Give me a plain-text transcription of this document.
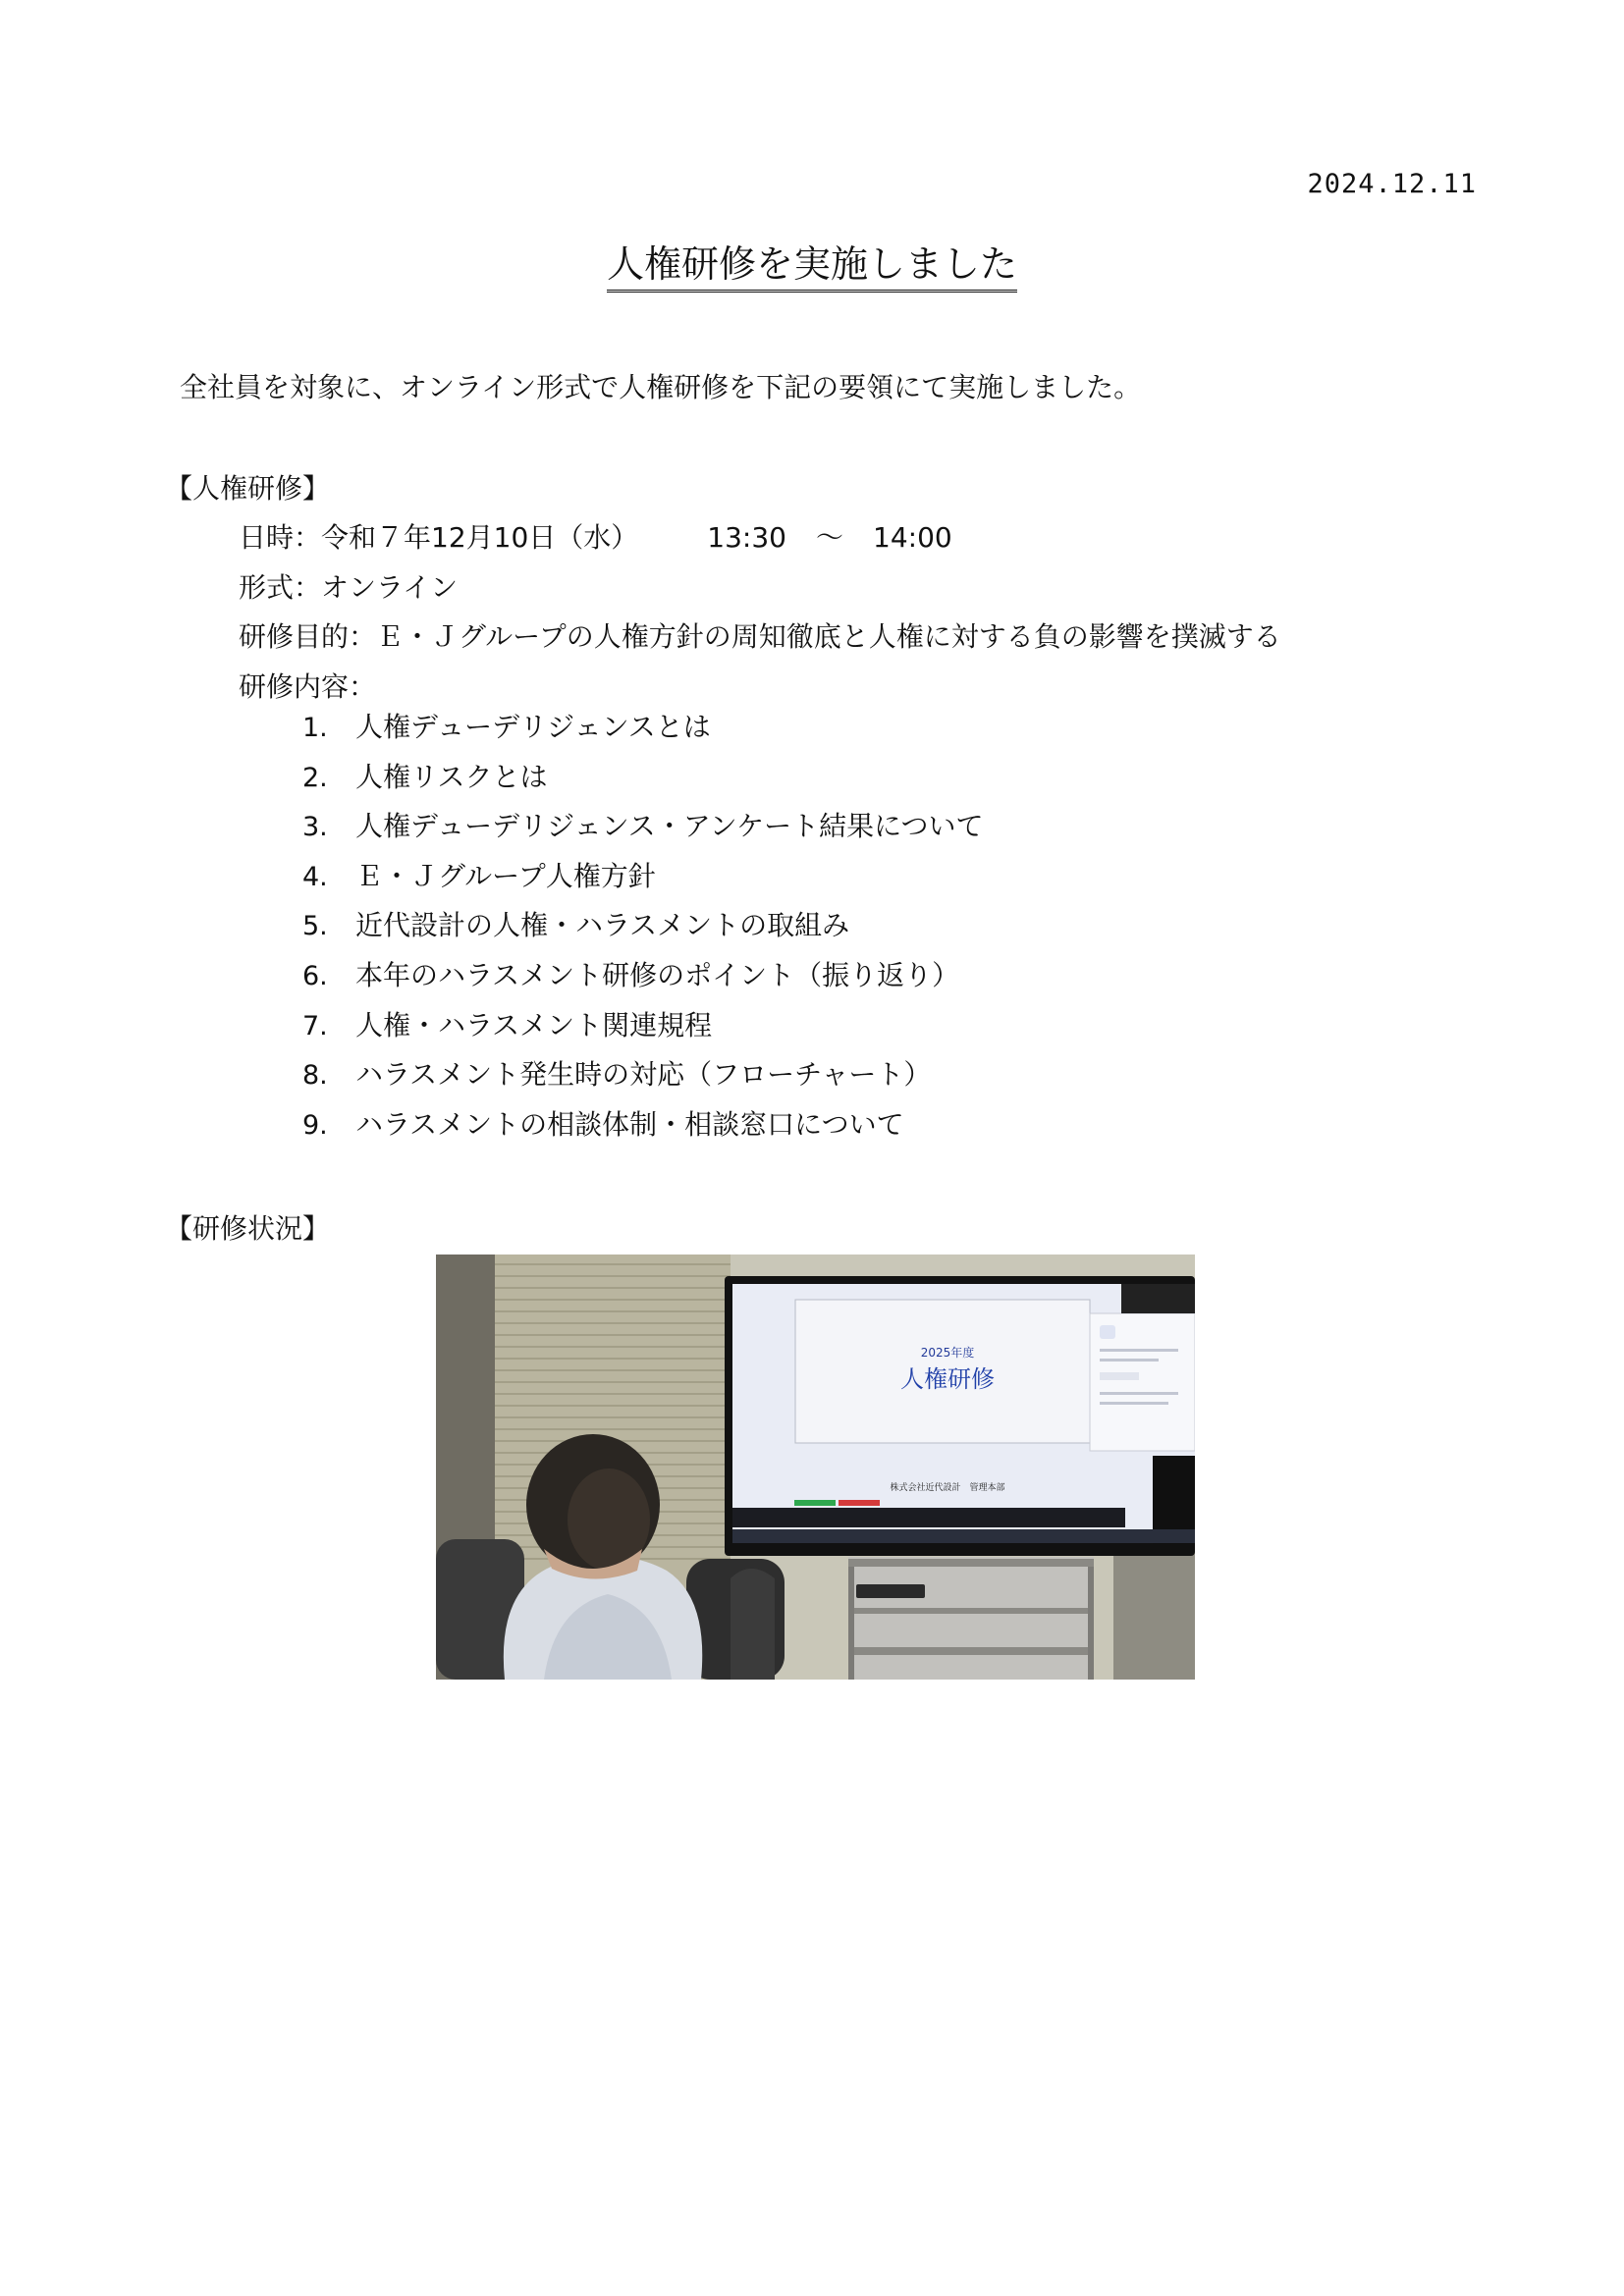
2024.12.11
人権研修を実施しました
全社員を対象に、オンライン形式で人権研修を下記の要領にて実施しました。
【人権研修】
日時：令和７年12月10日（水）	13:30 ～ 14:00
形式：オンライン
研修目的：Ｅ・Ｊグループの人権方針の周知徹底と人権に対する負の影響を撲滅する
研修内容：
1. 人権デューデリジェンスとは
2. 人権リスクとは
3. 人権デューデリジェンス・アンケート結果について
4. Ｅ・Ｊグループ人権方針
5. 近代設計の人権・ハラスメントの取組み
6. 本年のハラスメント研修のポイント（振り返り）
7. 人権・ハラスメント関連規程
8. ハラスメント発生時の対応（フローチャート）
9. ハラスメントの相談体制・相談窓口について
【研修状況】
2025年度
人権研修
株式会社近代設計　管理本部
